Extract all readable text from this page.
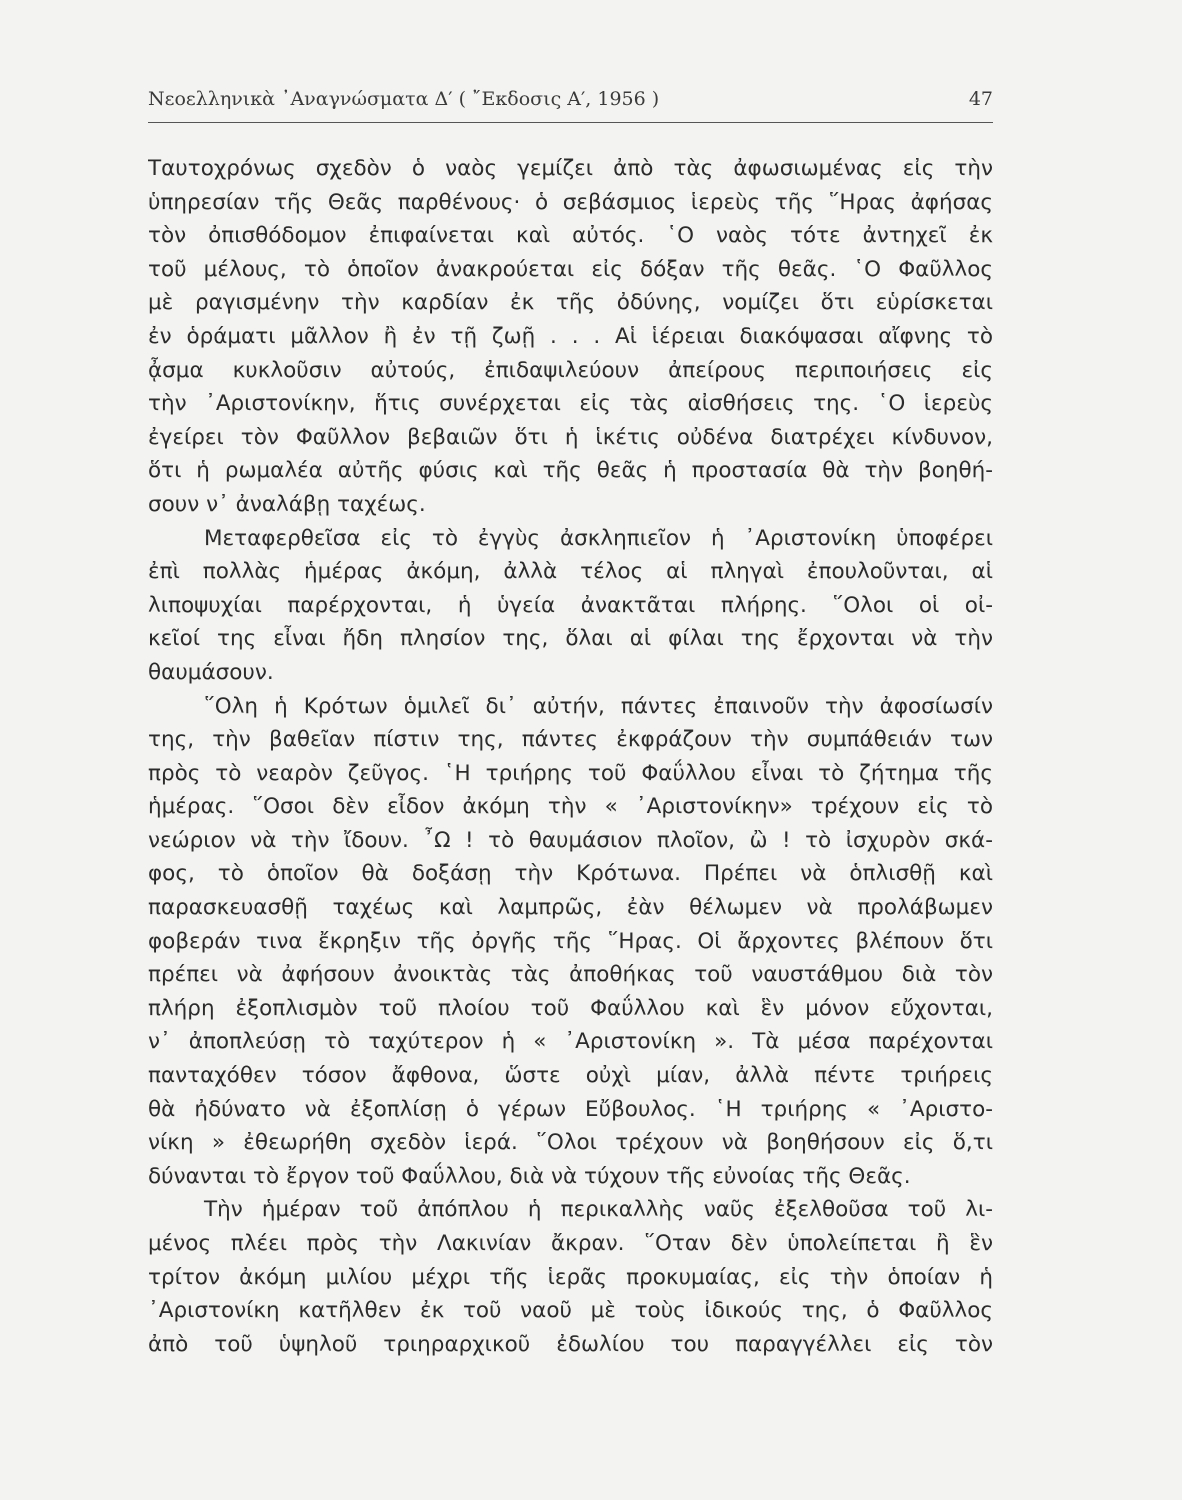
Νεοελληνικὰ ᾿Αναγνώσματα Δ′ ( ῎Εκδοσις Α′, 1956 )	47
Ταυτοχρόνως σχεδὸν ὁ ναὸς γεμίζει ἀπὸ τὰς ἀφωσιωμένας εἰς τὴν
ὑπηρεσίαν τῆς Θεᾶς παρθένους· ὁ σεβάσμιος ἱερεὺς τῆς ῞Ηρας ἀφήσας
τὸν ὀπισθόδομον ἐπιφαίνεται καὶ αὐτός. ῾Ο ναὸς τότε ἀντηχεῖ ἐκ
τοῦ μέλους, τὸ ὁποῖον ἀνακρούεται εἰς δόξαν τῆς θεᾶς. ῾Ο Φαῦλλος
μὲ ραγισμένην τὴν καρδίαν ἐκ τῆς ὀδύνης, νομίζει ὅτι εὑρίσκεται
ἐν ὁράματι μᾶλλον ἢ ἐν τῇ ζωῇ . . . Αἱ ἱέρειαι διακόψασαι αἴφνης τὸ
ᾆσμα κυκλοῦσιν αὐτούς, ἐπιδαψιλεύουν ἀπείρους περιποιήσεις εἰς
τὴν ᾿Αριστονίκην, ἥτις συνέρχεται εἰς τὰς αἰσθήσεις της. ῾Ο ἱερεὺς
ἐγείρει τὸν Φαῦλλον βεβαιῶν ὅτι ἡ ἱκέτις οὐδένα διατρέχει κίνδυνον,
ὅτι ἡ ρωμαλέα αὐτῆς φύσις καὶ τῆς θεᾶς ἡ προστασία θὰ τὴν βοηθή-
σουν ν᾿ ἀναλάβῃ ταχέως.
Μεταφερθεῖσα εἰς τὸ ἐγγὺς ἀσκληπιεῖον ἡ ᾿Αριστονίκη ὑποφέρει
ἐπὶ πολλὰς ἡμέρας ἀκόμη, ἀλλὰ τέλος αἱ πληγαὶ ἐπουλοῦνται, αἱ
λιποψυχίαι παρέρχονται, ἡ ὑγεία ἀνακτᾶται πλήρης. ῞Ολοι οἱ οἰ-
κεῖοί της εἶναι ἤδη πλησίον της, ὅλαι αἱ φίλαι της ἔρχονται νὰ τὴν
θαυμάσουν.
῞Ολη ἡ Κρότων ὁμιλεῖ δι᾿ αὐτήν, πάντες ἐπαινοῦν τὴν ἀφοσίωσίν
της, τὴν βαθεῖαν πίστιν της, πάντες ἐκφράζουν τὴν συμπάθειάν των
πρὸς τὸ νεαρὸν ζεῦγος. ῾Η τριήρης τοῦ Φαΰλλου εἶναι τὸ ζήτημα τῆς
ἡμέρας. ῞Οσοι δὲν εἶδον ἀκόμη τὴν « ᾿Αριστονίκην» τρέχουν εἰς τὸ
νεώριον νὰ τὴν ἴδουν. ῏Ω ! τὸ θαυμάσιον πλοῖον, ὢ ! τὸ ἰσχυρὸν σκά-
φος, τὸ ὁποῖον θὰ δοξάσῃ τὴν Κρότωνα. Πρέπει νὰ ὁπλισθῇ καὶ
παρασκευασθῇ ταχέως καὶ λαμπρῶς, ἐὰν θέλωμεν νὰ προλάβωμεν
φοβεράν τινα ἔκρηξιν τῆς ὀργῆς τῆς ῞Ηρας. Οἱ ἄρχοντες βλέπουν ὅτι
πρέπει νὰ ἀφήσουν ἀνοικτὰς τὰς ἀποθήκας τοῦ ναυστάθμου διὰ τὸν
πλήρη ἐξοπλισμὸν τοῦ πλοίου τοῦ Φαΰλλου καὶ ἓν μόνον εὔχονται,
ν᾿ ἀποπλεύσῃ τὸ ταχύτερον ἡ « ᾿Αριστονίκη ». Τὰ μέσα παρέχονται
πανταχόθεν τόσον ἄφθονα, ὥστε οὐχὶ μίαν, ἀλλὰ πέντε τριήρεις
θὰ ἠδύνατο νὰ ἐξοπλίσῃ ὁ γέρων Εὔβουλος. ῾Η τριήρης « ᾿Αριστο-
νίκη » ἐθεωρήθη σχεδὸν ἱερά. ῞Ολοι τρέχουν νὰ βοηθήσουν εἰς ὅ,τι
δύνανται τὸ ἔργον τοῦ Φαΰλλου, διὰ νὰ τύχουν τῆς εὐνοίας τῆς Θεᾶς.
Τὴν ἡμέραν τοῦ ἀπόπλου ἡ περικαλλὴς ναῦς ἐξελθοῦσα τοῦ λι-
μένος πλέει πρὸς τὴν Λακινίαν ἄκραν. ῞Οταν δὲν ὑπολείπεται ἢ ἓν
τρίτον ἀκόμη μιλίου μέχρι τῆς ἱερᾶς προκυμαίας, εἰς τὴν ὁποίαν ἡ
᾿Αριστονίκη κατῆλθεν ἐκ τοῦ ναοῦ μὲ τοὺς ἰδικούς της, ὁ Φαῦλλος
ἀπὸ τοῦ ὑψηλοῦ τριηραρχικοῦ ἐδωλίου του παραγγέλλει εἰς τὸν
